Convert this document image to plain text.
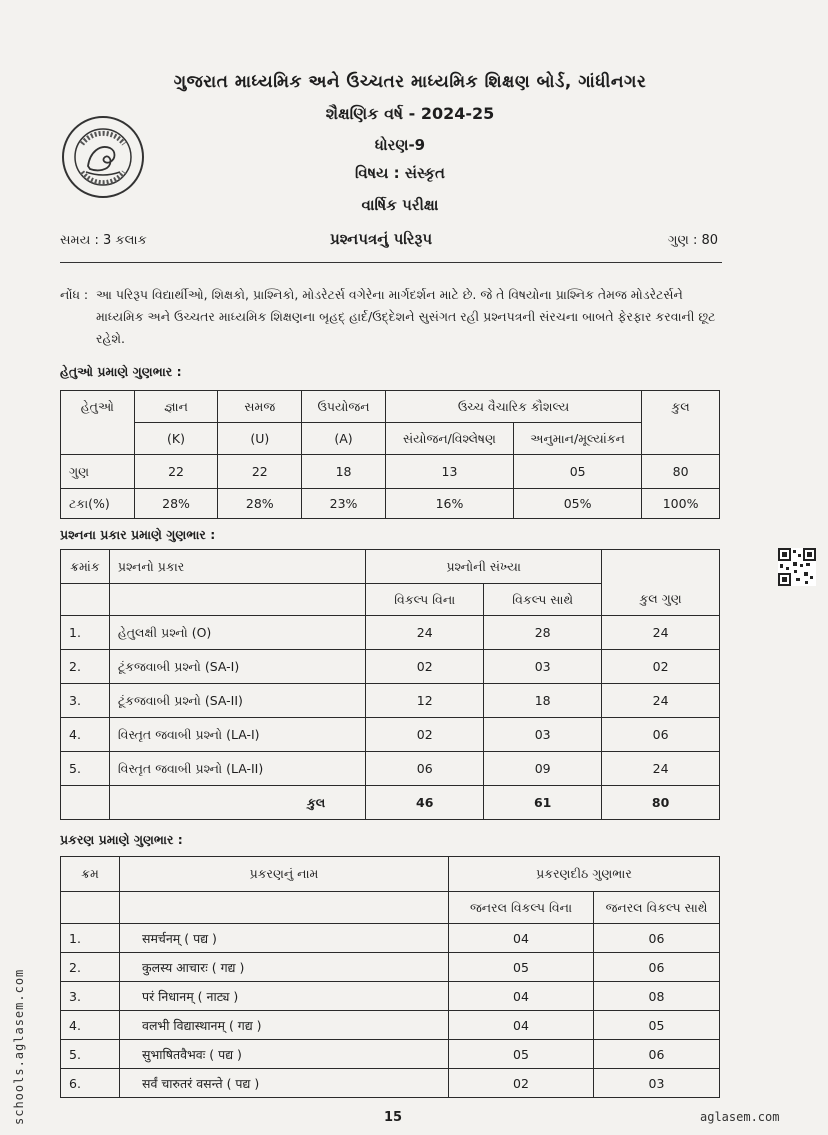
ગુજરાત માધ્યમિક અને ઉચ્ચતર માધ્યમિક શિક્ષણ બોર્ડ, ગાંધીનગર
શૈક્ષણિક વર્ષ - 2024-25
ધોરણ-9
વિષય : સંસ્કૃત
વાર્ષિક પરીક્ષા
સમય : 3 કલાક	પ્રશ્નપત્રનું પરિરૂપ	ગુણ : 80
નોંધ : આ પરિરૂપ વિદ્યાર્થીઓ, શિક્ષકો, પ્રાશ્નિકો, મોડરેટર્સ વગેરેના માર્ગદર્શન માટે છે. જે તે વિષયોના પ્રાશ્નિક તેમજ મોડરેટર્સને માધ્યમિક અને ઉચ્ચતર માધ્યમિક શિક્ષણના બૃહદ્ હાર્દ/ઉદ્દેશને સુસંગત રહી પ્રશ્નપત્રની સંરચના બાબતે ફેરફાર કરવાની છૂટ રહેશે.
હેતુઓ પ્રમાણે ગુણભાર :
હેતુઓ	જ્ઞાન	સમજ	ઉપયોજન	ઉચ્ચ વૈચારિક કૌશલ્ય		કુલ
	(K)	(U)	(A)	સંયોજન/વિશ્લેષણ	અનુમાન/મૂલ્યાંકન	
ગુણ	22	22	18	13	05	80
ટકા(%)	28%	28%	23%	16%	05%	100%
પ્રશ્નના પ્રકાર પ્રમાણે ગુણભાર :
ક્રમાંક	પ્રશ્નનો પ્રકાર	પ્રશ્નોની સંખ્યા		
		વિકલ્પ વિના	વિકલ્પ સાથે	કુલ ગુણ
1.	હેતુલક્ષી પ્રશ્નો (O)	24	28	24
2.	ટૂંકજવાબી પ્રશ્નો (SA-I)	02	03	02
3.	ટૂંકજવાબી પ્રશ્નો (SA-II)	12	18	24
4.	વિસ્તૃત જવાબી પ્રશ્નો (LA-I)	02	03	06
5.	વિસ્તૃત જવાબી પ્રશ્નો (LA-II)	06	09	24
	કુલ	46	61	80
પ્રકરણ પ્રમાણે ગુણભાર :
ક્રમ	પ્રકરણનું નામ	પ્રકરણદીઠ ગુણભાર	
		જનરલ વિકલ્પ વિના	જનરલ વિકલ્પ સાથે
1.	समर्चनम् ( पद्य )	04	06
2.	कुलस्य आचारः ( गद्य )	05	06
3.	परं निधानम् ( नाट्य )	04	08
4.	वलभी विद्यास्थानम् ( गद्य )	04	05
5.	सुभाषितवैभवः ( पद्य )	05	06
6.	सर्वं चारुतरं वसन्ते ( पद्य )	02	03
schools.aglasem.com	15	aglasem.com
